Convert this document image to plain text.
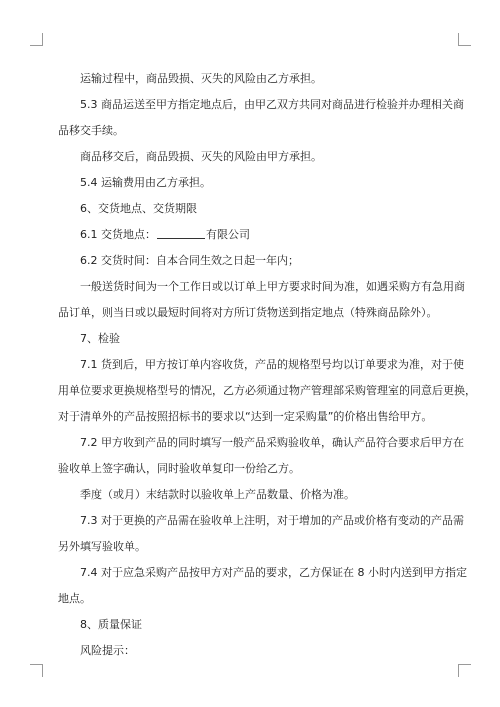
运输过程中，商品毁损、灭失的风险由乙方承担。

5.3 商品运送至甲方指定地点后，由甲乙双方共同对商品进行检验并办理相关商

品移交手续。

商品移交后，商品毁损、灭失的风险由甲方承担。

5.4 运输费用由乙方承担。

6、交货地点、交货期限

6.1 交货地点：	有限公司

6.2 交货时间：自本合同生效之日起一年内；

一般送货时间为一个工作日或以订单上甲方要求时间为准，如遇采购方有急用商

品订单，则当日或以最短时间将对方所订货物送到指定地点（特殊商品除外）。

7、检验

7.1 货到后，甲方按订单内容收货，产品的规格型号均以订单要求为准，对于使

用单位要求更换规格型号的情况，乙方必须通过物产管理部采购管理室的同意后更换，

对于清单外的产品按照招标书的要求以“达到一定采购量”的价格出售给甲方。

7.2 甲方收到产品的同时填写一般产品采购验收单，确认产品符合要求后甲方在

验收单上签字确认，同时验收单复印一份给乙方。

季度（或月）末结款时以验收单上产品数量、价格为准。

7.3 对于更换的产品需在验收单上注明，对于增加的产品或价格有变动的产品需

另外填写验收单。

7.4 对于应急采购产品按甲方对产品的要求，乙方保证在 8 小时内送到甲方指定

地点。

8、质量保证

风险提示：
